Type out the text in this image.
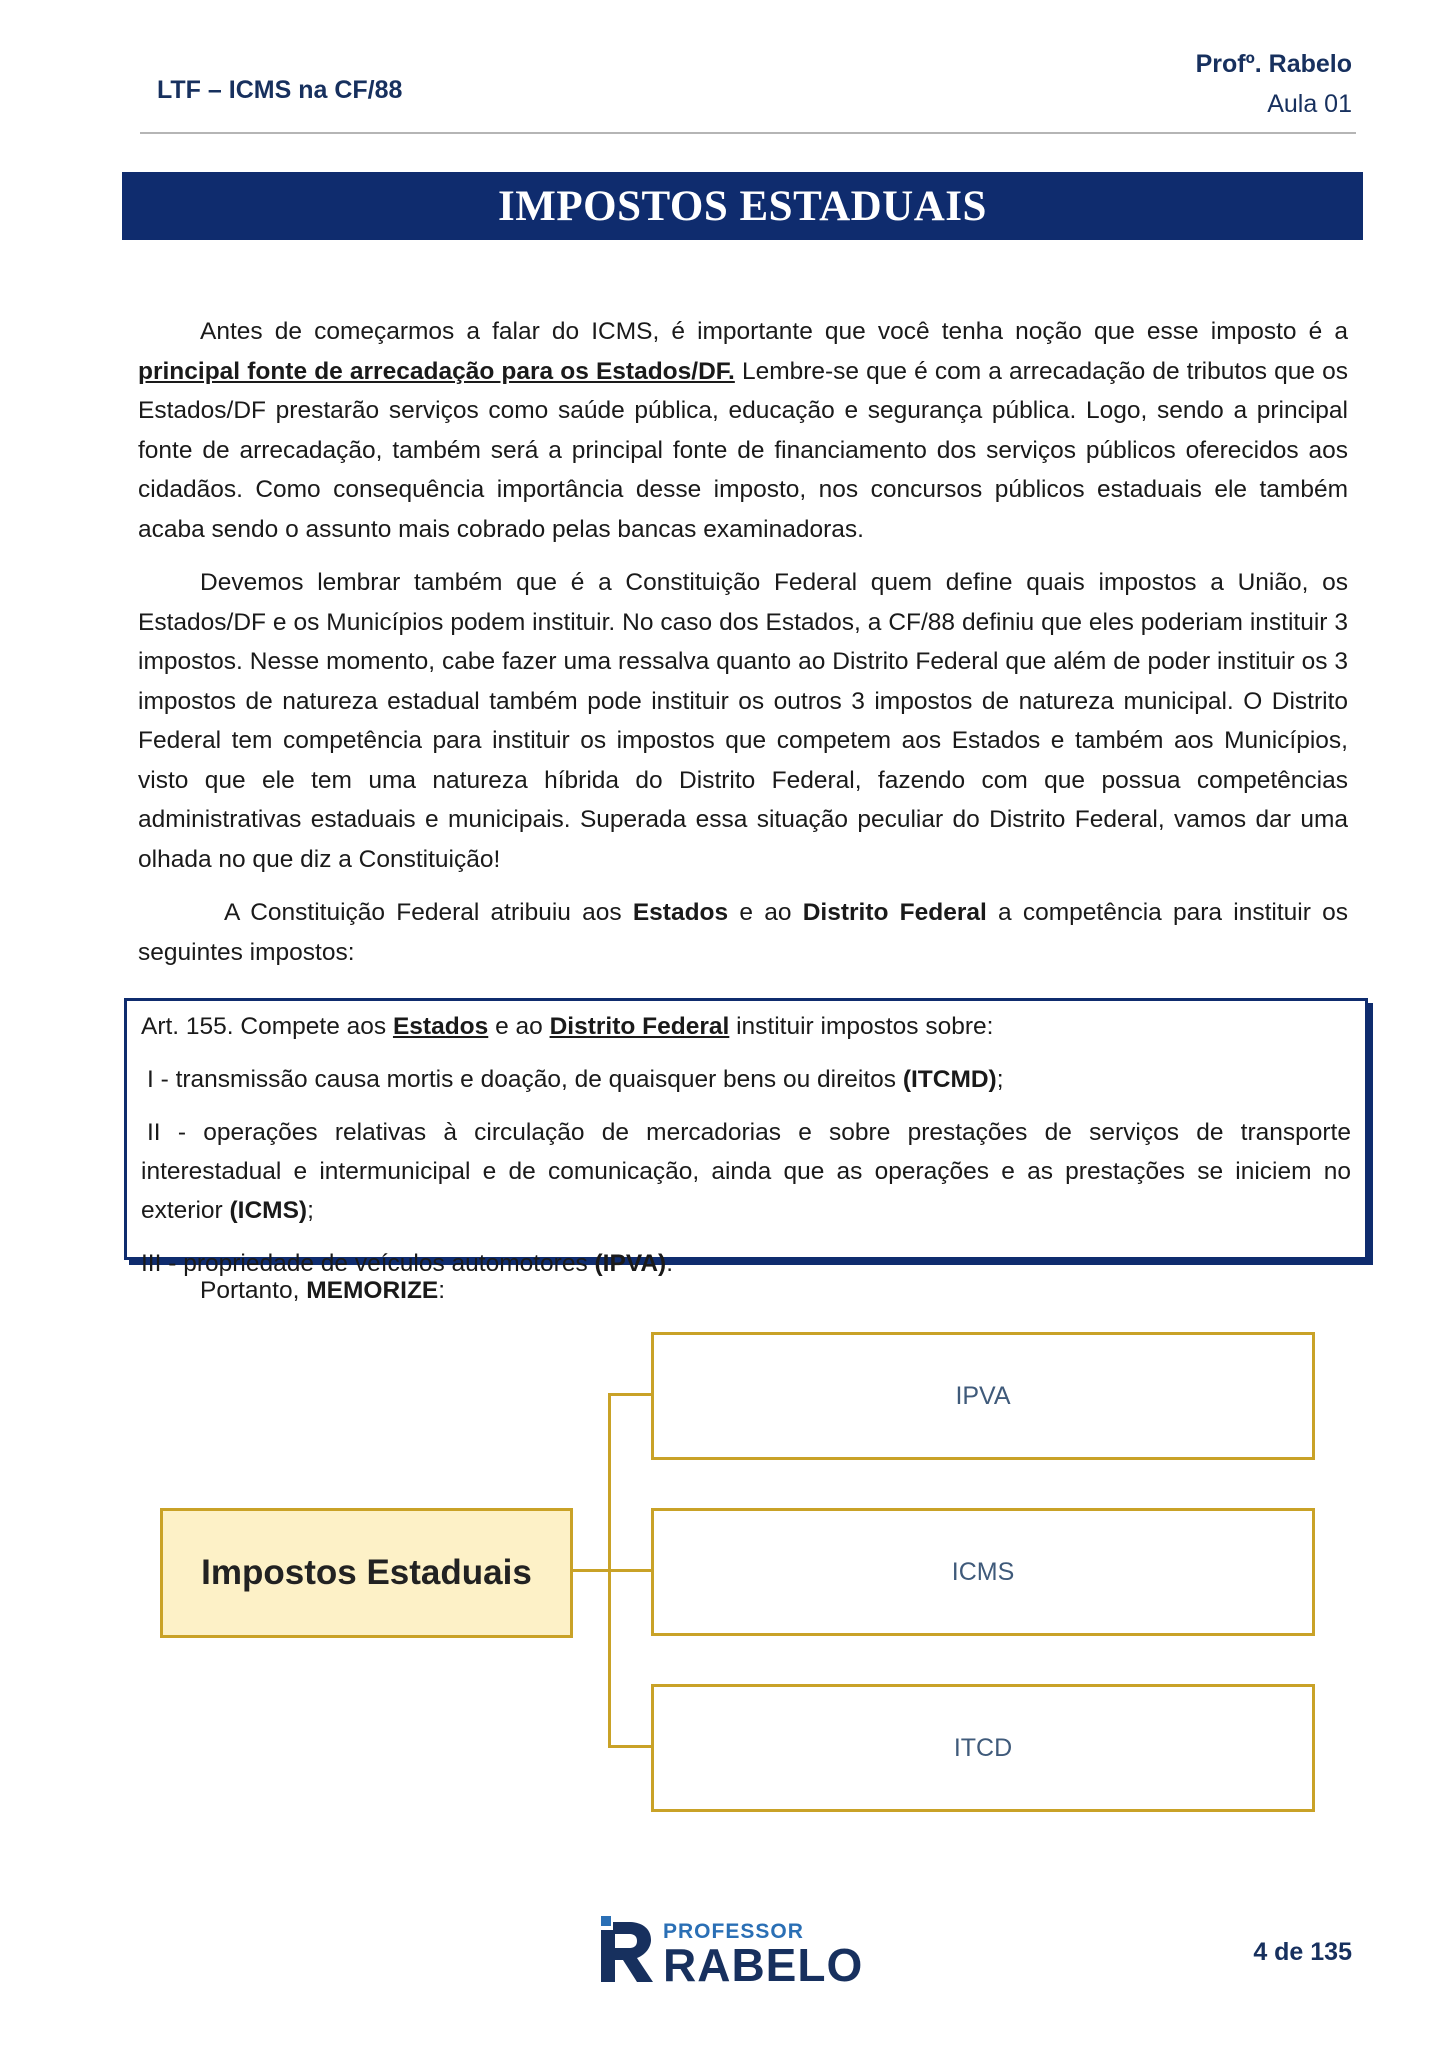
LTF – ICMS na CF/88
Profº. Rabelo
Aula 01
IMPOSTOS ESTADUAIS

Antes de começarmos a falar do ICMS, é importante que você tenha noção que esse imposto é a principal fonte de arrecadação para os Estados/DF. Lembre-se que é com a arrecadação de tributos que os Estados/DF prestarão serviços como saúde pública, educação e segurança pública. Logo, sendo a principal fonte de arrecadação, também será a principal fonte de financiamento dos serviços públicos oferecidos aos cidadãos. Como consequência importância desse imposto, nos concursos públicos estaduais ele também acaba sendo o assunto mais cobrado pelas bancas examinadoras.

Devemos lembrar também que é a Constituição Federal quem define quais impostos a União, os Estados/DF e os Municípios podem instituir. No caso dos Estados, a CF/88 definiu que eles poderiam instituir 3 impostos. Nesse momento, cabe fazer uma ressalva quanto ao Distrito Federal que além de poder instituir os 3 impostos de natureza estadual também pode instituir os outros 3 impostos de natureza municipal. O Distrito Federal tem competência para instituir os impostos que competem aos Estados e também aos Municípios, visto que ele tem uma natureza híbrida do Distrito Federal, fazendo com que possua competências administrativas estaduais e municipais. Superada essa situação peculiar do Distrito Federal, vamos dar uma olhada no que diz a Constituição!

A Constituição Federal atribuiu aos Estados e ao Distrito Federal a competência para instituir os seguintes impostos:

Art. 155. Compete aos Estados e ao Distrito Federal instituir impostos sobre:

I - transmissão causa mortis e doação, de quaisquer bens ou direitos (ITCMD);

II - operações relativas à circulação de mercadorias e sobre prestações de serviços de transporte interestadual e intermunicipal e de comunicação, ainda que as operações e as prestações se iniciem no exterior (ICMS);

III - propriedade de veículos automotores (IPVA).

Portanto, MEMORIZE:
Impostos Estaduais
IPVA
ICMS
ITCD
PROFESSOR
RABELO	4 de 135
